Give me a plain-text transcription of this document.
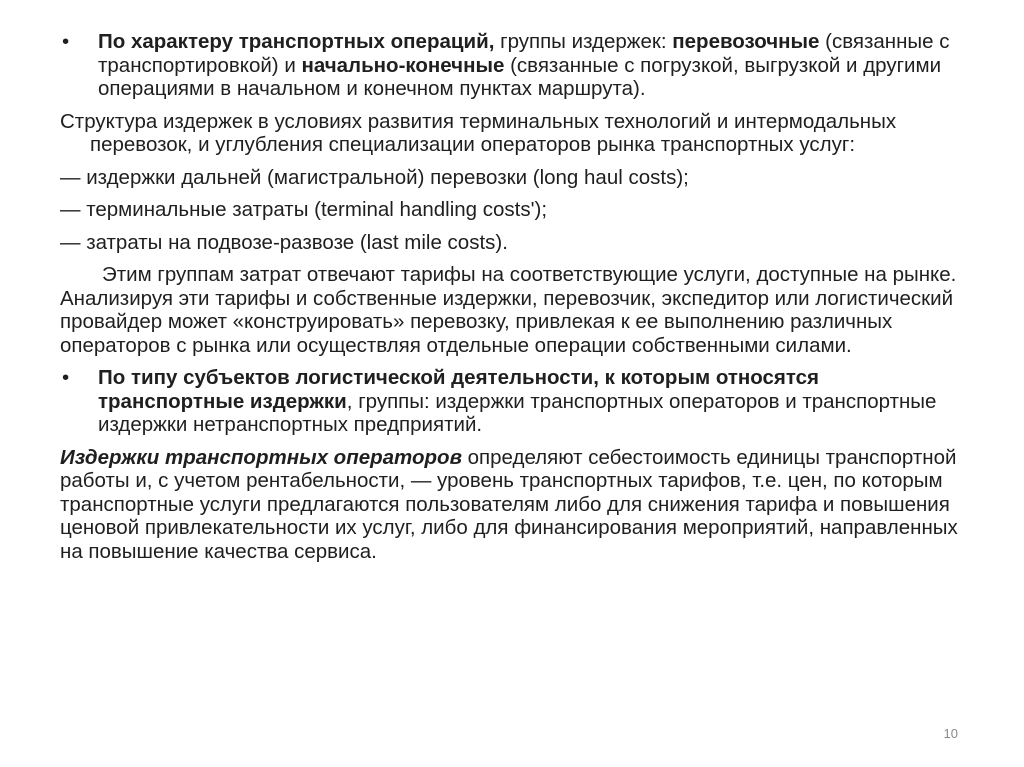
• По характеру транспортных операций, группы издержек: перевозочные (связанные с транспортировкой) и начально-конечные (связанные с погрузкой, выгрузкой и другими операциями в начальном и конечном пунктах маршрута).
Структура издержек в условиях развития терминальных технологий и интермодальных перевозок, и углубления специализации операторов рынка транспортных услуг:
— издержки дальней (магистральной) перевозки (long haul costs);
— терминальные затраты (terminal handling costs');
— затраты на подвозе-развозе (last mile costs).
Этим группам затрат отвечают тарифы на соответствующие услуги, доступные на рынке. Анализируя эти тарифы и собственные издержки, перевозчик, экспедитор или логистический провайдер может «конструировать» перевозку, привлекая к ее выполнению различных операторов с рынка или осуществляя отдельные операции собственными силами.
• По типу субъектов логистической деятельности, к которым относятся транспортные издержки, группы: издержки транспортных операторов и транспортные издержки нетранспортных предприятий.
Издержки транспортных операторов определяют себестоимость единицы транспортной работы и, с учетом рентабельности, — уровень транспортных тарифов, т.е. цен, по которым транспортные услуги предлагаются пользователям либо для снижения тарифа и повышения ценовой привлекательности их услуг, либо для финансирования мероприятий, направленных на повышение качества сервиса.
10
